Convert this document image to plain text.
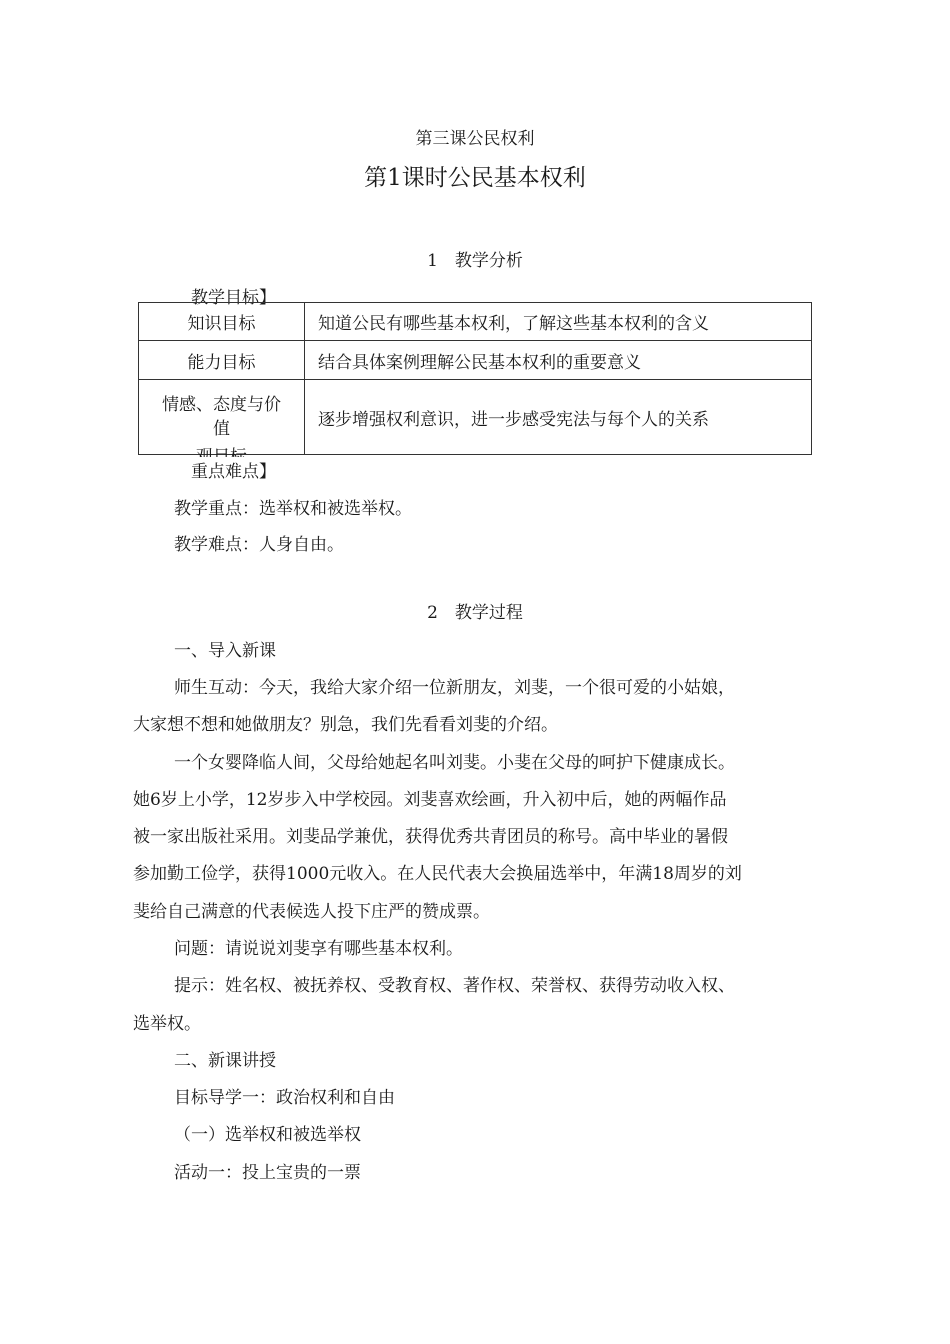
第三课公民权利
第1课时公民基本权利
1　教学分析
教学目标】
知识目标	知道公民有哪些基本权利，了解这些基本权利的含义
能力目标	结合具体案例理解公民基本权利的重要意义

情感、态度与价
值	逐步增强权利意识，进一步感受宪法与每个人的关系
重点难点】
教学重点：选举权和被选举权。
教学难点：人身自由。
2　教学过程
一、导入新课
师生互动：今天，我给大家介绍一位新朋友，刘斐，一个很可爱的小姑娘，
大家想不想和她做朋友？别急，我们先看看刘斐的介绍。
一个女婴降临人间，父母给她起名叫刘斐。小斐在父母的呵护下健康成长。
她6岁上小学，12岁步入中学校园。刘斐喜欢绘画，升入初中后，她的两幅作品
被一家出版社采用。刘斐品学兼优，获得优秀共青团员的称号。高中毕业的暑假
参加勤工俭学，获得1000元收入。在人民代表大会换届选举中，年满18周岁的刘
斐给自己满意的代表候选人投下庄严的赞成票。
问题：请说说刘斐享有哪些基本权利。
提示：姓名权、被抚养权、受教育权、著作权、荣誉权、获得劳动收入权、
选举权。
二、新课讲授
目标导学一：政治权利和自由
（一）选举权和被选举权
活动一：投上宝贵的一票
